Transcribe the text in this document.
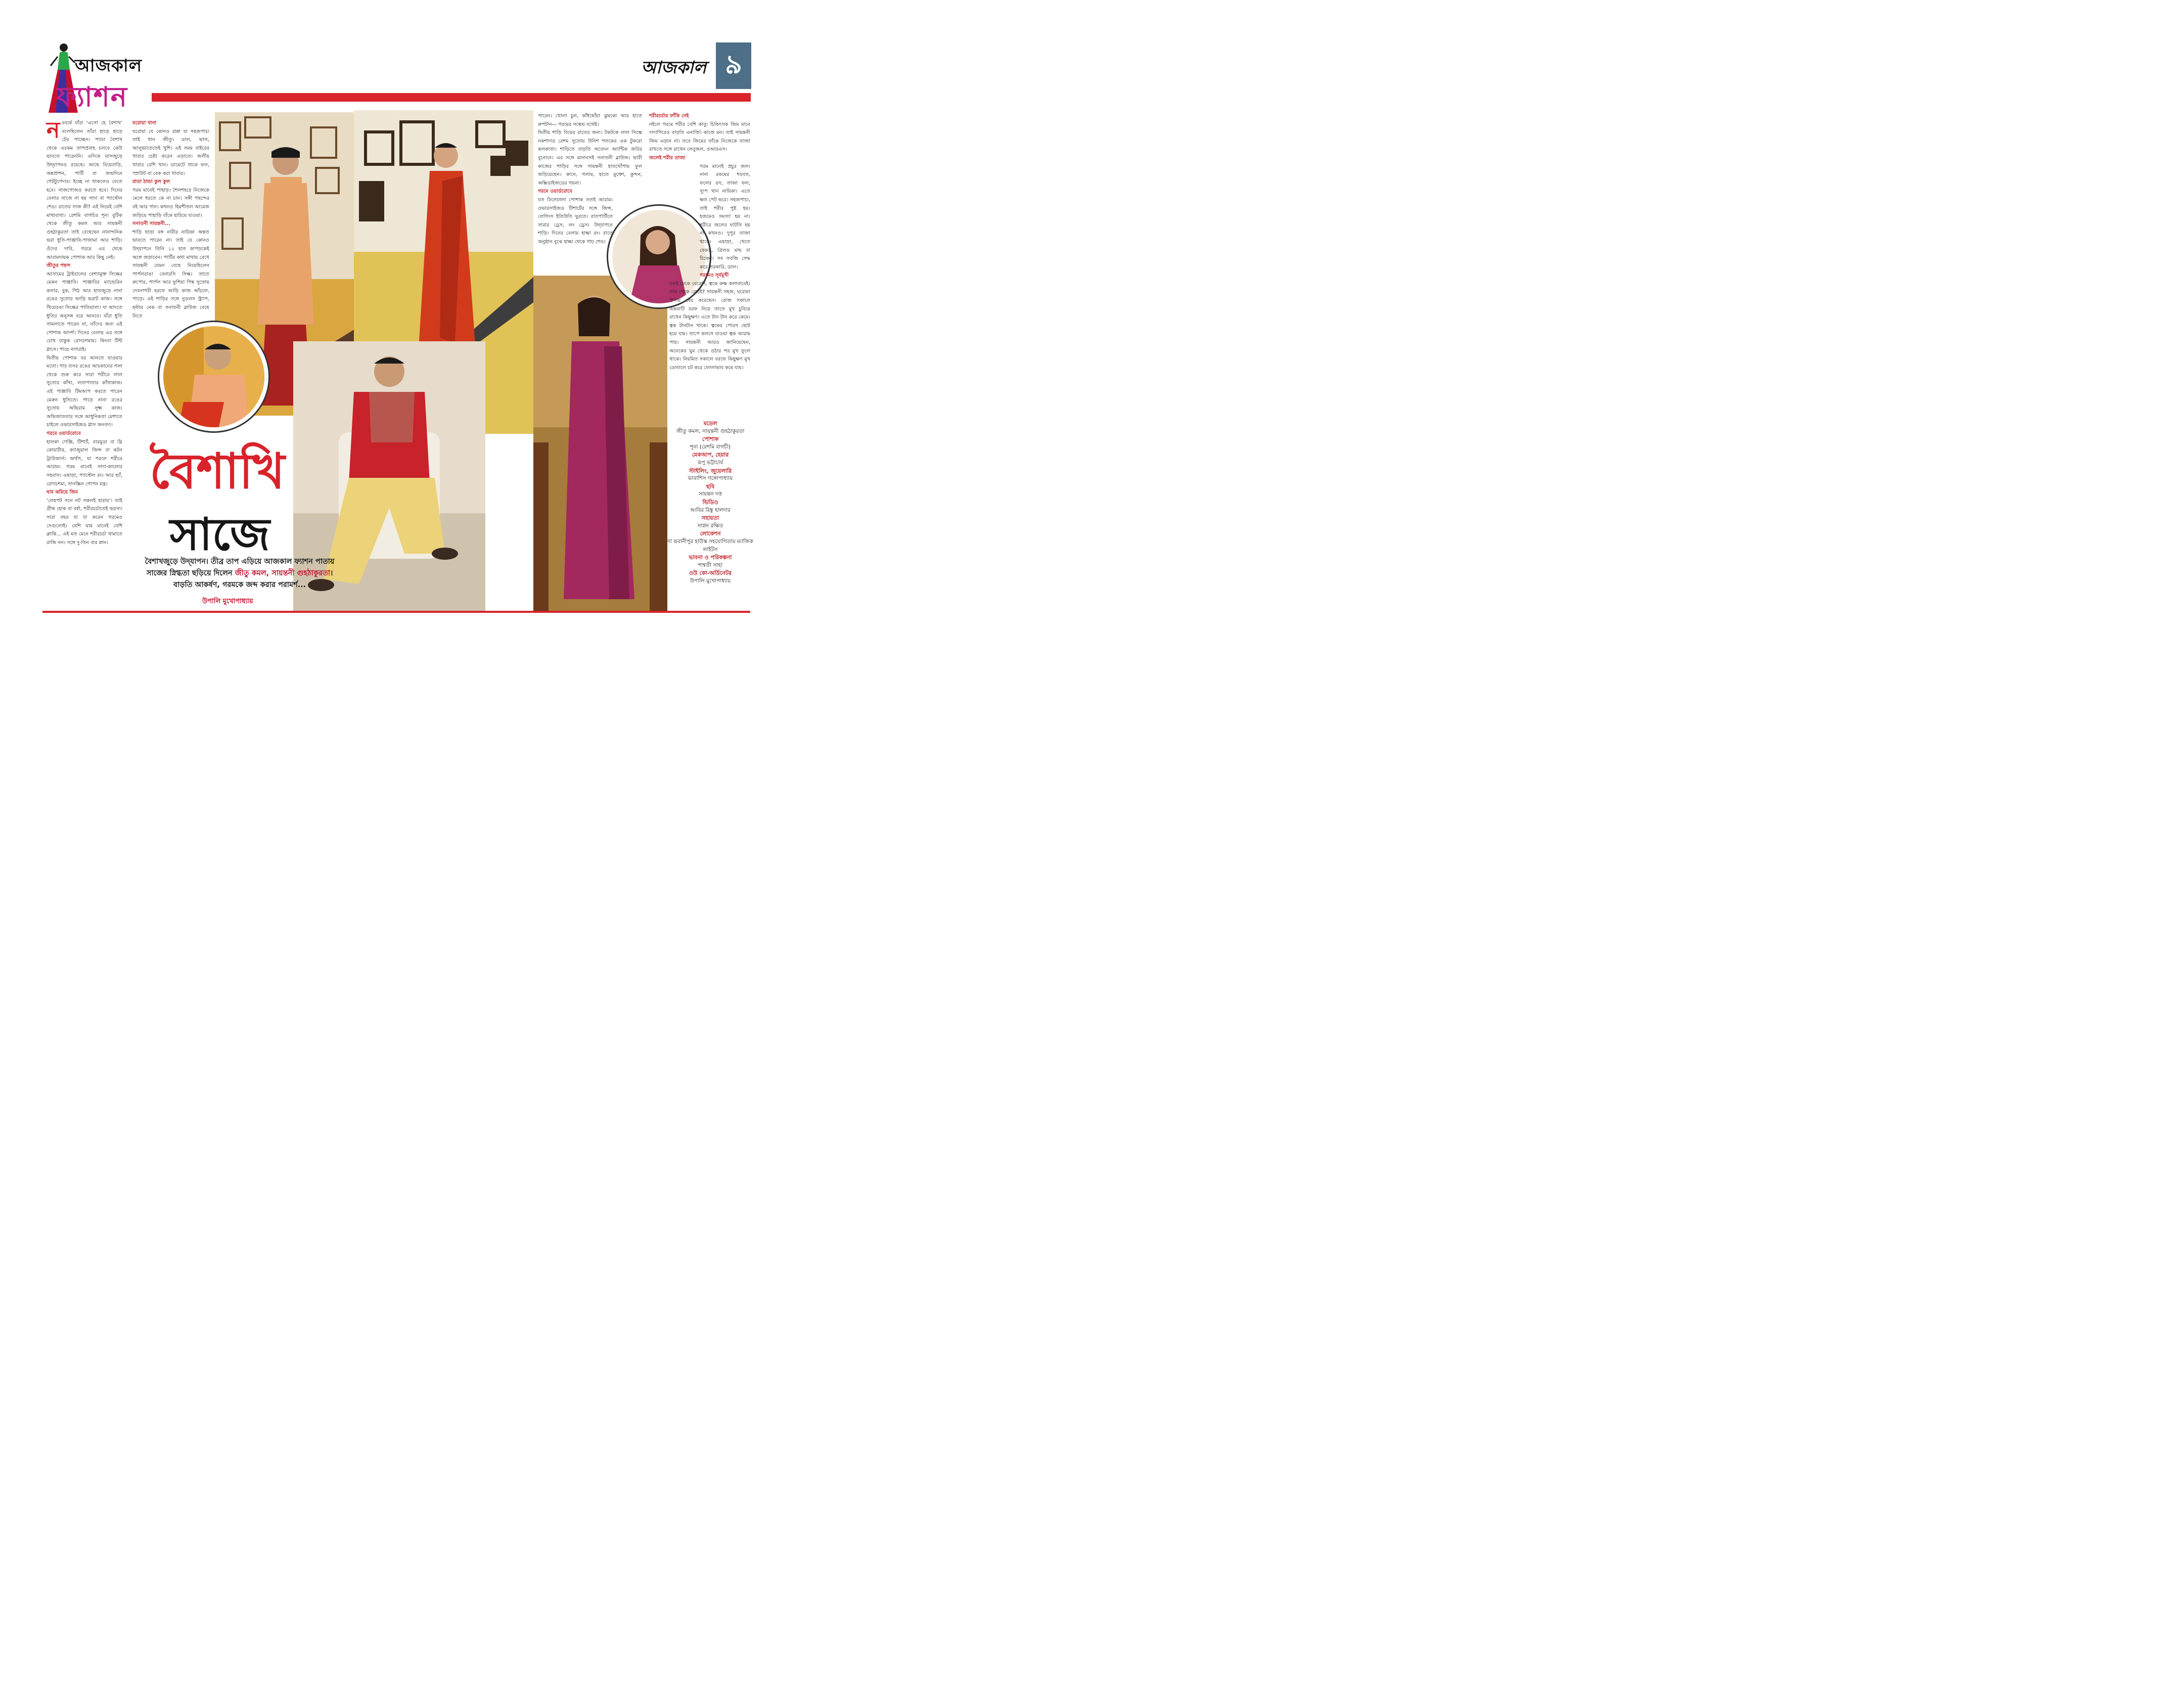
আজকাল
ফ্যাশন
আজকাল ৯

নববর্ষে যাঁরা ‘এসো হে বৈশাখ’ বলেছিলেন তাঁরা হাড়ে হাড়ে টের পাচ্ছেন। প্যাচা বৈশাখ থেকে এরকম তাপপ্রবাহ চলবে কেউ ভাবতে পারেননি। এদিকে মাসজুড়ে উদ্‌যাপনও রয়েছে। আছে বিয়েবাড়ি, অন্নপ্রাশন, পার্টি বা জন্মদিনে গেটটুগেদার। ইচ্ছে না থাকলেও যেতে হবে। সাজগোজও করতে হবে। দিনের বেলার সাজে না হয় সাদা বা প্যাস্টেল শেড। রাতের সাজ কী? এই নিয়েই বেশি মাথাব্যথা। রেশমি বাগচির শূন্য বুটিক থেকে জীতু কমল আর সায়ন্তনী গুহঠাকুরতা তাই বেছেছেন নানান্দনিক ভরা ধুতি-পাঞ্জাবি-পাজামা আর শাড়ি। ওঁদের দাবি, গরমে এর থেকে আরামদায়ক পোশাক আর কিছু নেই।

জীতুর পছন্দ

আসামের ট্রাইবালের বেশ্যামুক্ত সিল্কের মেকন পাঞ্জাবি। পাঞ্জাবির ম্যান্ডেরিন কলার, বুক, পিঠ আর হাতজুড়ে নানা রঙের সুতোর আড়ি ভরাট কাজ। সঙ্গে খিয়েরঙা সিল্কের পাতিয়ালা। যা আদতে ধুতির অনুসঙ্গ বয়ে আনবে। যাঁরা ধুতি সামলাতে পারেন না, তাঁদের জন্য এই পোশাক আদর্শ। দিনের বেলায় এর সঙ্গে চোখ ঢাকুক রোদচশমায়। কিংবা টিন্ট গ্লাসে। পায়ে নাগরাই।

দ্বিতীয় পোশাক বর আনতে যাওয়ার মতো। গাঢ় তসর রঙের আচকানের গলা থেকে শুরু করে সারা শরীরে লাল সুতোর কাঁথা, লতাপাতার কাঁথাকাজ। এই পাঞ্জাবি টিমআপ করতে পারেন মেরুন ধুতিতে। পাড়ে নানা রঙের সুতোয় অভিরাম সূক্ষ্ম কাজ। অভিজাততার সঙ্গে আধুনিকতা মেশাতে চাইলে ওভারসাইজড গ্লাস অনবদ্য।

গরমে ওয়ার্ডরোবে

হালকা গেঞ্জি, টিশার্ট, বারমুডা বা থ্রি কোয়ার্টার, ক্যাজুয়াল জিন্স বা কটন ট্রাউজার্স। অর্থাৎ, যা পরলে শরীরে আরাম। গরম মানেই সাদা-কালোর সহবাস। এছাড়া, প্যাস্টেল রং। আর হ্যাঁ, রোদচশমা, সানস্ক্রিন গোপন মন্ত্র।

ঘাম ঝরিয়ে জিম

‘লেহপট সনে নট সকলই হারায়’। তাই গ্রীষ্ম হোক বা বর্ষা, শরীরচর্চাতেই ভরসা। সারা বছর যা যা করেন গরমেও সেগুলোই। বেশি ঘাম মানেই বেশি ক্লান্তি... এই মত মেনে শরীরচর্চা থামাতে রাজি নন। সঙ্গে দু-তিন বার স্নান।

ঘরোয়া খানা

ঘরোয়া যে কোনও রান্না যা সহজপাচ্য তাই খান জীতু। ডাল, ভাত, আলুভাতেতেই খুশি। এই সময় বাইরের খাবার চেষ্টা করেন এড়াতে। জলীয় খাবার বেশি খান। ডায়েটে থাকে ফল, স্প্রাউট বা বেক করা খাবার।

রাতা ঠান্ডা কুল কুল

গরম মানেই পাহাড়। শৈলশহরে নিজেকে মেলে ধরতে কে না চান। সঙ্গী পছন্দের বই আর গান। কখনও হিমশীতল আমেজ জড়িয়ে পাহাড়ি বাঁকে হারিয়ে যাওয়া।

সনাতনী সায়ন্তনী...

শাড়ি ছাড়া বঙ্গ নারীর নায়িকা অন্তত ভাবতে পারেন না। তাই যে কোনও উদ্‌যাপনে তিনি ১২ হাত কাপড়কেই অঙ্গে জড়াবেন। পার্টির কথা মাথায় রেখে সায়ন্তনী যেমন বেছে নিয়েছিলেন পার্পলরাঙা বেনারসি সিল্ক। তাতে রুপোর, পার্পল আর ফুশিয়া পিঙ্ক সুতোয় দেবনাগরী হরফে আড়ি কাজ আঁচলে, পাড়ে। এই শাড়ির সঙ্গে নুডলস স্ট্র্যাপ, হল্টার নেক বা সনাতনী ব্লাউজ বেছে নিতে

পারেন। খোলা চুল, কাঁধছোঁয়া ঝুমকো আর হাতে রুপটান— গরমের সন্ধেয় যথেষ্ট।

দ্বিতীয় শাড়ি বিয়ের রাতের জন্য। টকটকে লাল সিল্কে নকশাদার রেশম সুতোয় উনিশ শতকের এক টুকরো কলকাতা। শাড়িতে বাড়তি অবেদন অ্যান্টিক জরির বুনোনে। এর সঙ্গে মানানসই সনাতনী ব্লাউজ। ভারী কাজের শাড়ির সঙ্গে সায়ন্তনী হাতখোঁপায় ফুল জড়িয়েছেন। কানে, গলায়, হাতে মুক্তো, কুন্দন, অক্সিডাইজডের গয়না।

গরমে ওয়ার্ডরোবে

যত ঢিলেঢালা পোশাক ততই আরাম। ওভারসাইজড টিশার্টের সঙ্গে জিন্স, লেগিংস ইতিউতি ঘুরতে। রাতপার্টিতে সারার ড্রেস, লং ড্রেস। উদ্‌যাপনে শাড়ি। দিনের বেলায় হাল্কা রং। রাতে অনুষ্ঠান বুঝে হাল্কা থেকে গাঢ় শেড।

শরীরচর্চায় ফাঁকি নেই

নইলে গরমে শরীর বেশি কাবু। চিকিৎসক জিম মানে দাদাগিরেও বাড়তি এনার্জি। কাজে মন। তাই সায়ন্তনী জিম এড়ান না। তবে জিমের ফাঁকে নিজেকে তাজা রাখতে সঙ্গে রাখেন লেবুজল, ওআরএস।

জলেই শরীর তাজা

গরম মানেই প্রচুর জল। নানা রকমের শরবত, ফলের রস, তাজা ফল, স্যুপ খান নায়িকা। এতে ক্ষত পেট ভরে। সহজপাচ্য, তাই শরীর পুষ্ট হয়। হজমেও সমস্যা হয় না। শরীরে জলের ঘাটতি হয় না কখনও। দুপুর তাজা থাকে। এছাড়া, খেতে বেকড, গ্রিলড মাছ বা চিকেন। সব সবজি সেদ্ধ করে তরকারি, ডাল।

গরমেও সূর্যমুখী

যতই ঢেকে বেরোন, ত্বকে রুক্ষ কলাবাবেই। তার থেকে রেহাই? সায়ন্তনী সহজ, ঘরোয়া উপায় বের করেছেন। রোজ সকালে একবাটি বরফ নিয়ে তাতে মুখ চুবিয়ে রাখেন কিছুক্ষণ। এতে টান টান করে কেমে। ত্বক টানটান থাকে। ত্বকের পোরস ছোট হয়ে যায়। তাপে কলসে যাওয়া ত্বক আরাম পায়। সায়ন্তনী আরও জানিয়েছেন, অনেকের ঘুম থেকে ওঠার পর মুখ ফুলে থাকে। নিয়মিত সকালে বরফে কিছুক্ষণ মুখ ডোবালে চট করে ফোলাভাব কমে যায়।

বৈশাখি
সাজে
বৈশাখজুড়ে উদ্‌যাপন। তীব্র তাপ এড়িয়ে আজকাল ফ্যাশন পাতায় সাজের স্নিগ্ধতা ছড়িয়ে দিলেন জীতু কমল, সায়ন্তনী গুহঠাকুরতা। বাড়তি আকর্ষণ, গরমকে জব্দ করার পরামর্শ...
উপালি মুখোপাধ্যায়
মডেল
জীতু কমল, সায়ন্তনী গুহঠাকুরতা
পোশাক
শূন্য (রেশমি বাগচী)
মেকআপ, হেয়ার
রূপু ভট্টাচার্য
স্টাইলিং, জুয়েলারি
ভাবাশিস গঙ্গোপাধ্যায়
ছবি
সায়ন্তন দত্ত
ভিডিও
আবির রিঙ্কু হালদার
সহায়তা
সাগ্নন রক্ষিত
লোকেশন
দা ভবানীপুর হাউস্ক সহযোগিতায় ম্যাজিক লাইটস
ভাবনা ও পরিকল্পনা
শাশ্বতী সাহা
ওউ কো-অর্ডিনেটর
উপালি মুখোপাধ্যায়
